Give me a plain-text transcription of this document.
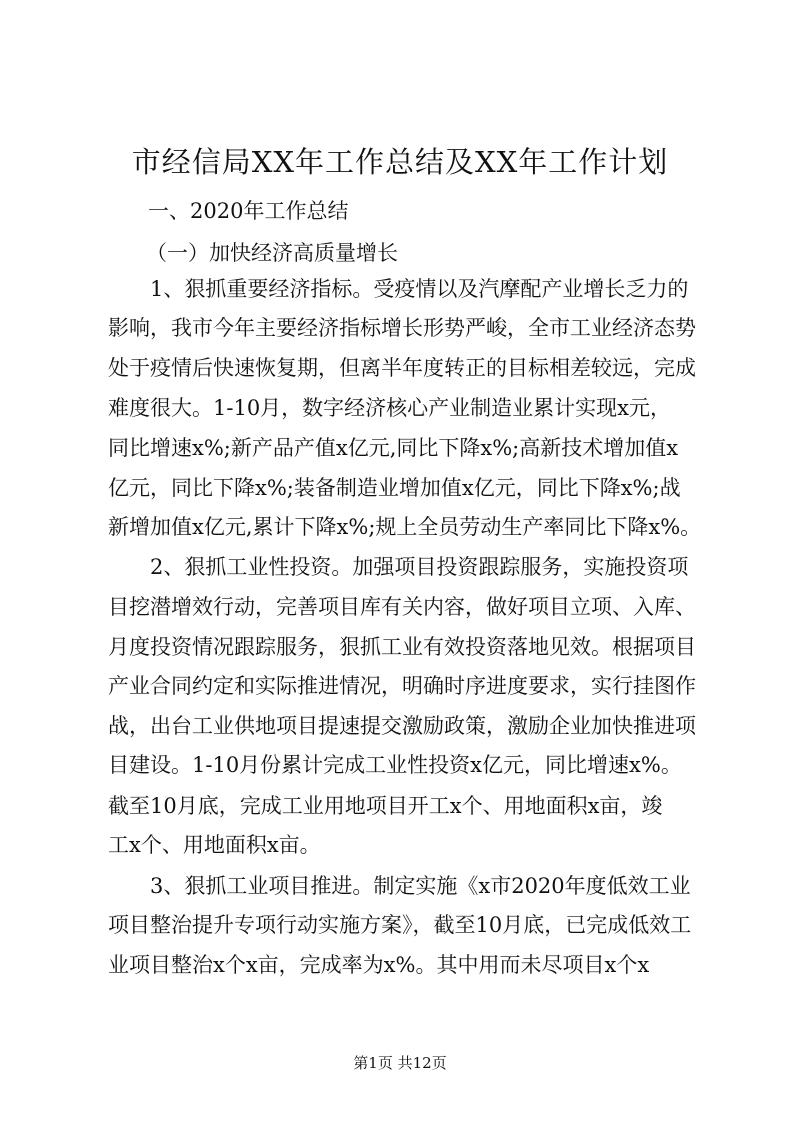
市经信局XX年工作总结及XX年工作计划
一、2020年工作总结
（一）加快经济高质量增长
1、狠抓重要经济指标。受疫情以及汽摩配产业增长乏力的
影响，我市今年主要经济指标增长形势严峻，全市工业经济态势
处于疫情后快速恢复期，但离半年度转正的目标相差较远，完成
难度很大。1-10月，数字经济核心产业制造业累计实现x元，
同比增速x%;新产品产值x亿元,同比下降x%;高新技术增加值x
亿元，同比下降x%;装备制造业增加值x亿元，同比下降x%;战
新增加值x亿元,累计下降x%;规上全员劳动生产率同比下降x%。
2、狠抓工业性投资。加强项目投资跟踪服务，实施投资项
目挖潜增效行动，完善项目库有关内容，做好项目立项、入库、
月度投资情况跟踪服务，狠抓工业有效投资落地见效。根据项目
产业合同约定和实际推进情况，明确时序进度要求，实行挂图作
战，出台工业供地项目提速提交激励政策，激励企业加快推进项
目建设。1-10月份累计完成工业性投资x亿元，同比增速x%。
截至10月底，完成工业用地项目开工x个、用地面积x亩，竣
工x个、用地面积x亩。
3、狠抓工业项目推进。制定实施《x市2020年度低效工业
项目整治提升专项行动实施方案》，截至10月底，已完成低效工
业项目整治x个x亩，完成率为x%。其中用而未尽项目x个x
第1页 共12页
